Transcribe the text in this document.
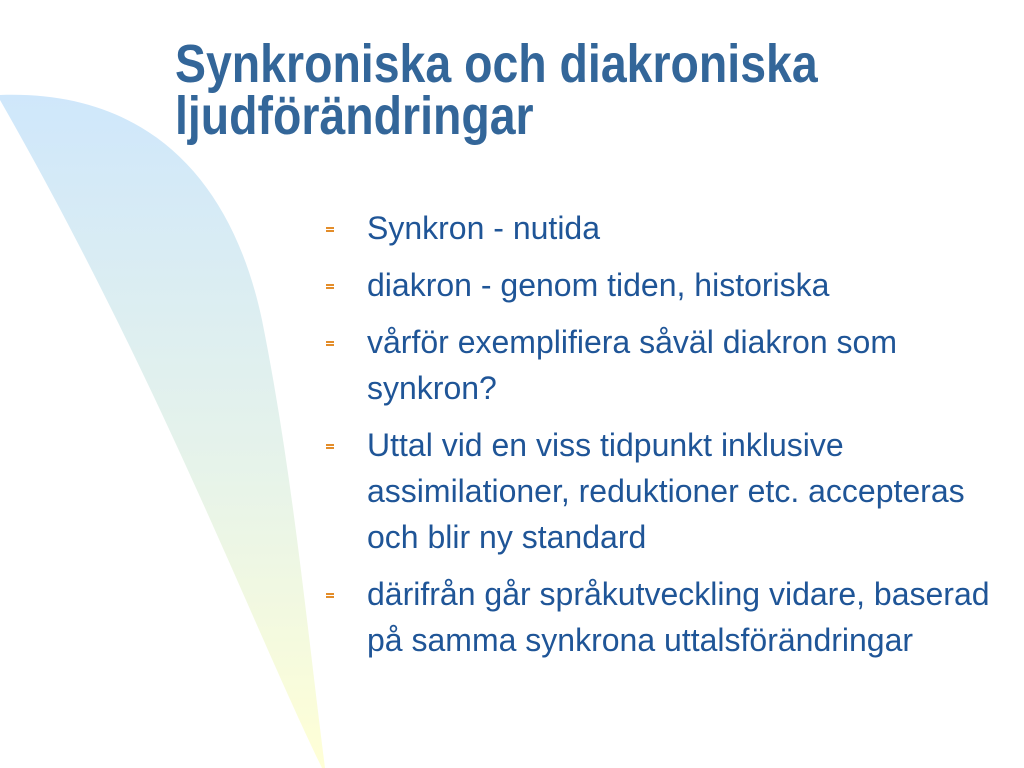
Synkroniska och diakroniska
ljudförändringar
Synkron - nutida
diakron - genom tiden, historiska
vårför exemplifiera såväl diakron som synkron?
Uttal vid en viss tidpunkt inklusive assimilationer, reduktioner etc. accepteras och blir ny standard
därifrån går språkutveckling vidare, baserad på samma synkrona uttalsförändringar
